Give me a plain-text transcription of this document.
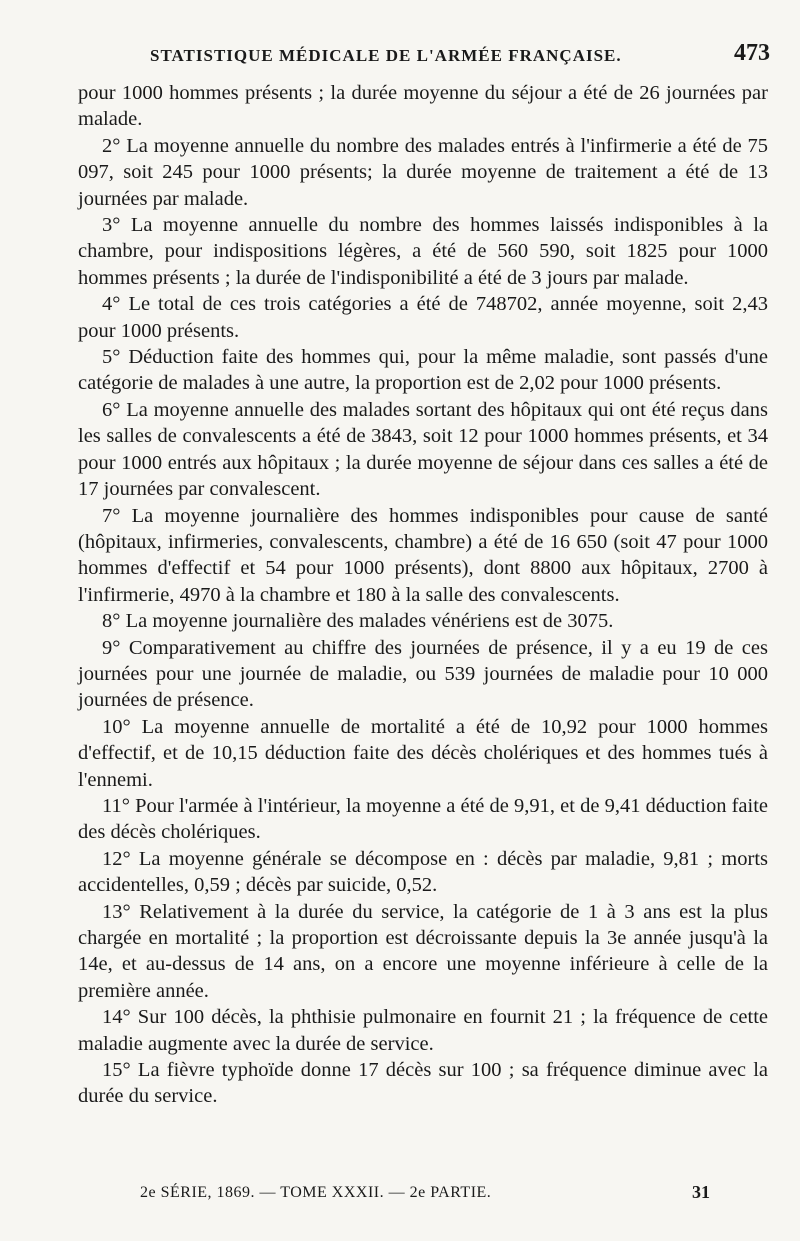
STATISTIQUE MÉDICALE DE L'ARMÉE FRANÇAISE.	473

pour 1000 hommes présents ; la durée moyenne du séjour a été de 26 journées par malade.

2° La moyenne annuelle du nombre des malades entrés à l'infirmerie a été de 75 097, soit 245 pour 1000 présents; la durée moyenne de traitement a été de 13 journées par malade.

3° La moyenne annuelle du nombre des hommes laissés indisponibles à la chambre, pour indispositions légères, a été de 560 590, soit 1825 pour 1000 hommes présents ; la durée de l'indisponibilité a été de 3 jours par malade.

4° Le total de ces trois catégories a été de 748702, année moyenne, soit 2,43 pour 1000 présents.

5° Déduction faite des hommes qui, pour la même maladie, sont passés d'une catégorie de malades à une autre, la proportion est de 2,02 pour 1000 présents.

6° La moyenne annuelle des malades sortant des hôpitaux qui ont été reçus dans les salles de convalescents a été de 3843, soit 12 pour 1000 hommes présents, et 34 pour 1000 entrés aux hôpitaux ; la durée moyenne de séjour dans ces salles a été de 17 journées par convalescent.

7° La moyenne journalière des hommes indisponibles pour cause de santé (hôpitaux, infirmeries, convalescents, chambre) a été de 16 650 (soit 47 pour 1000 hommes d'effectif et 54 pour 1000 présents), dont 8800 aux hôpitaux, 2700 à l'infirmerie, 4970 à la chambre et 180 à la salle des convalescents.

8° La moyenne journalière des malades vénériens est de 3075.

9° Comparativement au chiffre des journées de présence, il y a eu 19 de ces journées pour une journée de maladie, ou 539 journées de maladie pour 10 000 journées de présence.

10° La moyenne annuelle de mortalité a été de 10,92 pour 1000 hommes d'effectif, et de 10,15 déduction faite des décès cholériques et des hommes tués à l'ennemi.

11° Pour l'armée à l'intérieur, la moyenne a été de 9,91, et de 9,41 déduction faite des décès cholériques.

12° La moyenne générale se décompose en : décès par maladie, 9,81 ; morts accidentelles, 0,59 ; décès par suicide, 0,52.

13° Relativement à la durée du service, la catégorie de 1 à 3 ans est la plus chargée en mortalité ; la proportion est décroissante depuis la 3e année jusqu'à la 14e, et au-dessus de 14 ans, on a encore une moyenne inférieure à celle de la première année.

14° Sur 100 décès, la phthisie pulmonaire en fournit 21 ; la fréquence de cette maladie augmente avec la durée de service.

15° La fièvre typhoïde donne 17 décès sur 100 ; sa fréquence diminue avec la durée du service.

2e SÉRIE, 1869. — TOME XXXII. — 2e PARTIE.	31
